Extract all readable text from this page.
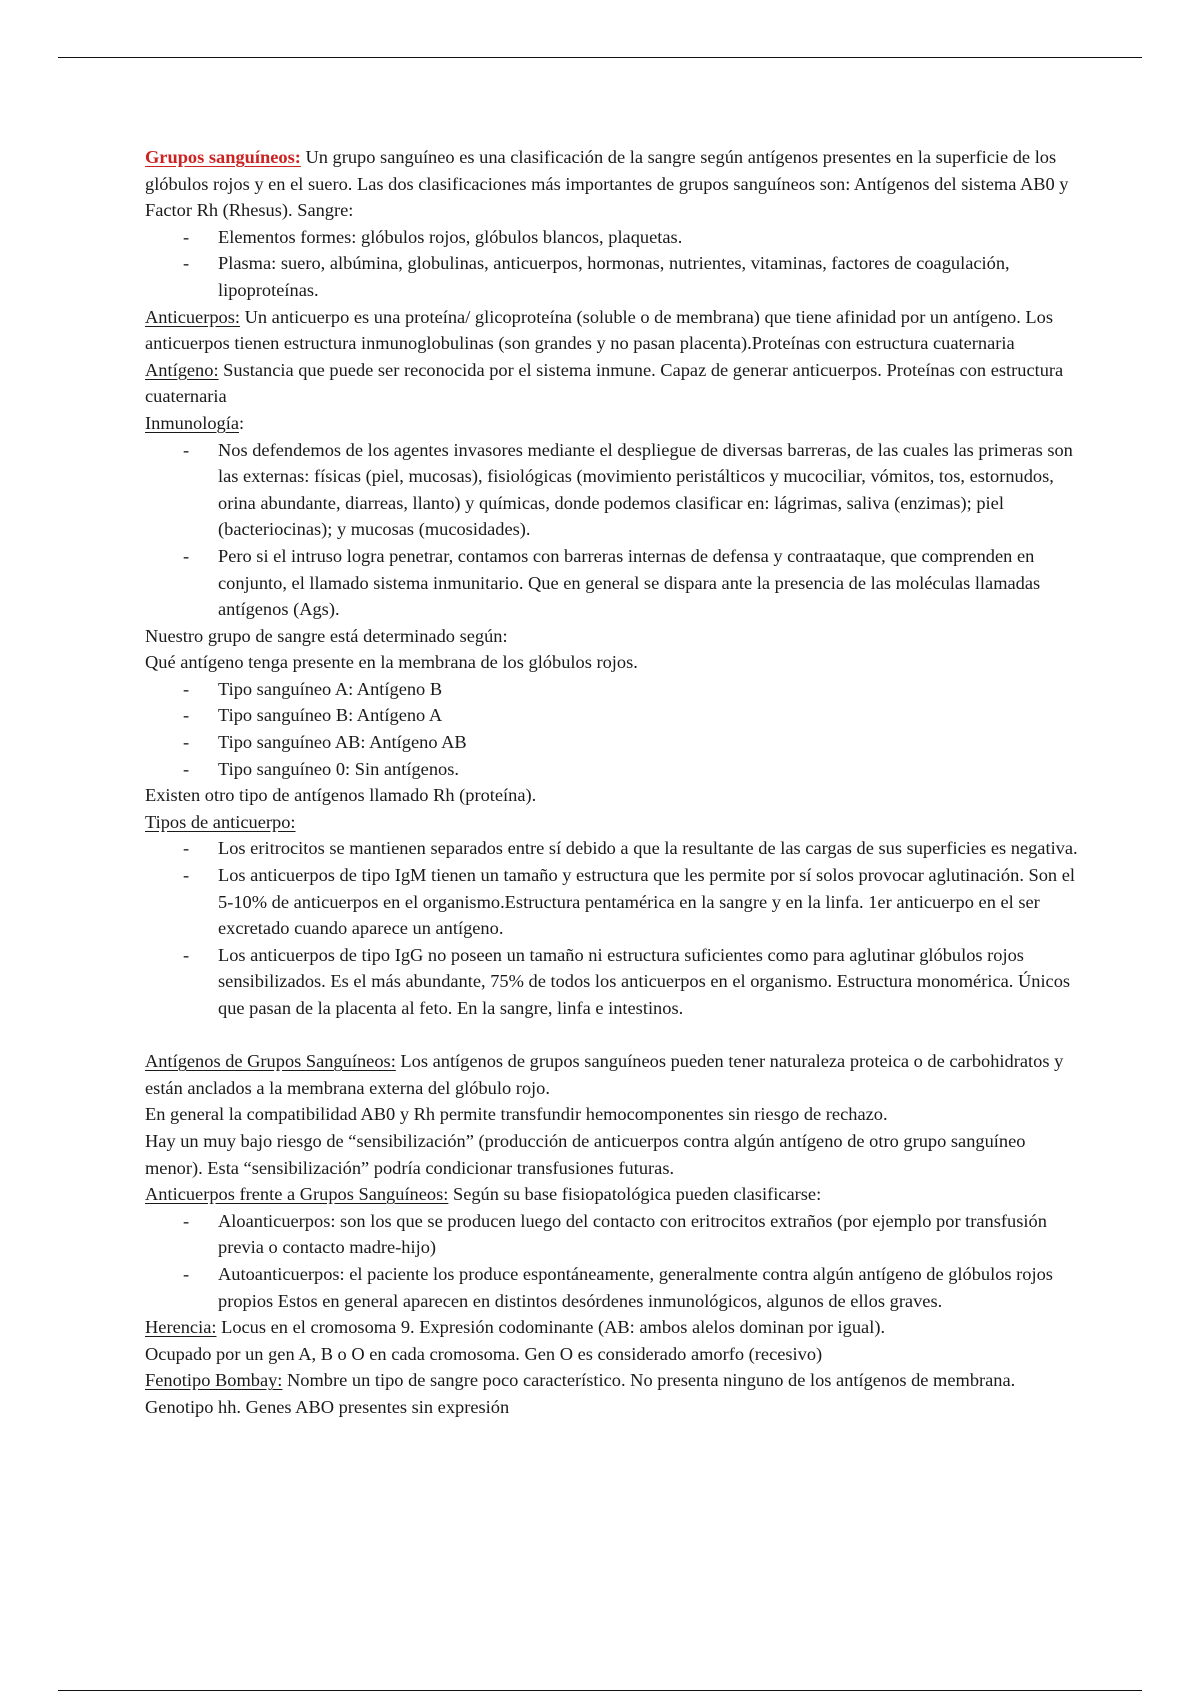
Grupos sanguíneos: Un grupo sanguíneo es una clasificación de la sangre según antígenos presentes en la superficie de los glóbulos rojos y en el suero. Las dos clasificaciones más importantes de grupos sanguíneos son: Antígenos del sistema AB0 y Factor Rh (Rhesus). Sangre:

- Elementos formes: glóbulos rojos, glóbulos blancos, plaquetas.
- Plasma: suero, albúmina, globulinas, anticuerpos, hormonas, nutrientes, vitaminas, factores de coagulación, lipoproteínas.

Anticuerpos: Un anticuerpo es una proteína/ glicoproteína (soluble o de membrana) que tiene afinidad por un antígeno. Los anticuerpos tienen estructura inmunoglobulinas (son grandes y no pasan placenta).Proteínas con estructura cuaternaria

Antígeno: Sustancia que puede ser reconocida por el sistema inmune. Capaz de generar anticuerpos. Proteínas con estructura cuaternaria

Inmunología:

- Nos defendemos de los agentes invasores mediante el despliegue de diversas barreras, de las cuales las primeras son las externas: físicas (piel, mucosas), fisiológicas (movimiento peristálticos y mucociliar, vómitos, tos, estornudos, orina abundante, diarreas, llanto) y químicas, donde podemos clasificar en: lágrimas, saliva (enzimas); piel (bacteriocinas); y mucosas (mucosidades).
- Pero si el intruso logra penetrar, contamos con barreras internas de defensa y contraataque, que comprenden en conjunto, el llamado sistema inmunitario. Que en general se dispara ante la presencia de las moléculas llamadas antígenos (Ags).

Nuestro grupo de sangre está determinado según:

Qué antígeno tenga presente en la membrana de los glóbulos rojos.

- Tipo sanguíneo A: Antígeno B
- Tipo sanguíneo B: Antígeno A
- Tipo sanguíneo AB: Antígeno AB
- Tipo sanguíneo 0: Sin antígenos.

Existen otro tipo de antígenos llamado Rh (proteína).

Tipos de anticuerpo:

- Los eritrocitos se mantienen separados entre sí debido a que la resultante de las cargas de sus superficies es negativa.
- Los anticuerpos de tipo IgM tienen un tamaño y estructura que les permite por sí solos provocar aglutinación. Son el 5-10% de anticuerpos en el organismo.Estructura pentamérica en la sangre y en la linfa. 1er anticuerpo en el ser excretado cuando aparece un antígeno.
- Los anticuerpos de tipo IgG no poseen un tamaño ni estructura suficientes como para aglutinar glóbulos rojos sensibilizados. Es el más abundante, 75% de todos los anticuerpos en el organismo. Estructura monomérica. Únicos que pasan de la placenta al feto. En la sangre, linfa e intestinos.

Antígenos de Grupos Sanguíneos: Los antígenos de grupos sanguíneos pueden tener naturaleza proteica o de carbohidratos y están anclados a la membrana externa del glóbulo rojo.

En general la compatibilidad AB0 y Rh permite transfundir hemocomponentes sin riesgo de rechazo.

Hay un muy bajo riesgo de “sensibilización” (producción de anticuerpos contra algún antígeno de otro grupo sanguíneo menor). Esta “sensibilización” podría condicionar transfusiones futuras.

Anticuerpos frente a Grupos Sanguíneos: Según su base fisiopatológica pueden clasificarse:

- Aloanticuerpos: son los que se producen luego del contacto con eritrocitos extraños (por ejemplo por transfusión previa o contacto madre-hijo)
- Autoanticuerpos: el paciente los produce espontáneamente, generalmente contra algún antígeno de glóbulos rojos propios Estos en general aparecen en distintos desórdenes inmunológicos, algunos de ellos graves.

Herencia: Locus en el cromosoma 9. Expresión codominante (AB: ambos alelos dominan por igual).

Ocupado por un gen A, B o O en cada cromosoma. Gen O es considerado amorfo (recesivo)

Fenotipo Bombay: Nombre un tipo de sangre poco característico. No presenta ninguno de los antígenos de membrana. Genotipo hh. Genes ABO presentes sin expresión
